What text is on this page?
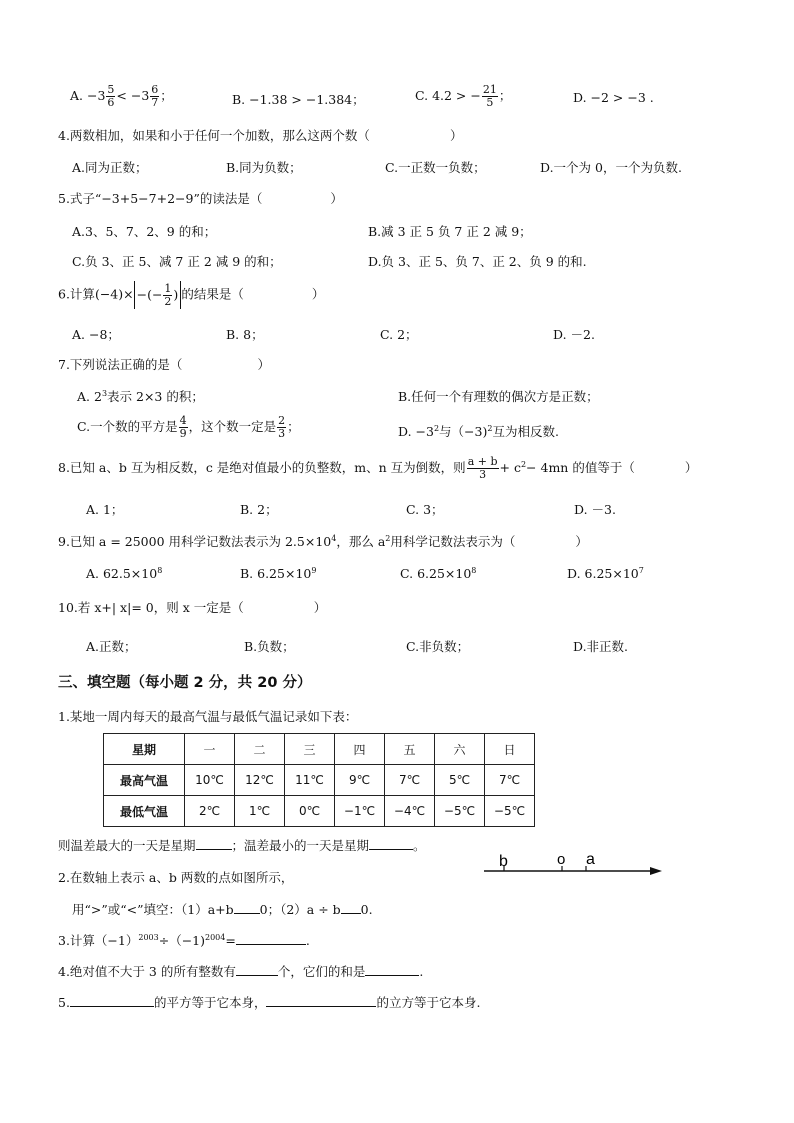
A. $-3 \frac{5}{6} < -3 \frac{6}{7}$ ；	B. −1.38 > −1.384；	C. 4.2 > − $\frac{21}{5}$ ；	D. −2 > −3 .
4.两数相加，如果和小于任何一个加数，那么这两个数（	）
A.同为正数；	B.同为负数；	C.一正数一负数；	D.一个为 0，一个为负数.
5.式子“−3+5−7+2−9”的读法是（	）
A.3、5、7、2、9 的和；	B.减 3 正 5 负 7 正 2 减 9；
C.负 3、正 5、减 7 正 2 减 9 的和；	D.负 3、正 5、负 7、正 2、负 9 的和.
6.计算(−4)× −(− $\frac{1}{2}$ ) 的结果是（	）
A. −8；	B. 8；	C. 2；	D. －2.
7.下列说法正确的是（	）
A. $2^3$表示 2×3 的积；	B.任何一个有理数的偶次方是正数；
C.一个数的平方是 $\frac{4}{9}$ ，这个数一定是 $\frac{2}{3}$ ；	D. $-3^2$与（−3)$^2$互为相反数.
8.已知 a、b 互为相反数，c 是绝对值最小的负整数，m、n 互为倒数，则 $\frac{a + b}{3} + c^2- 4mn$ 的值等于（	）
A. 1；	B. 2；	C. 3；	D. －3.
9.已知 a = 25000 用科学记数法表示为 $2.5\times 10^4$，那么 $a^2$用科学记数法表示为（	）
A. $62.5\times 10^8$	B. $6.25\times 10^9$	C. $6.25\times 10^8$	D. $6.25\times 10^7$
10.若 x+| x|= 0，则 x 一定是（	）
A.正数；	B.负数；	C.非负数；	D.非正数.
三、填空题（每小题 2 分，共 20 分）
1.某地一周内每天的最高气温与最低气温记录如下表：
星期	一	二	三	四	五	六	日
最高气温	10℃	12℃	11℃	9℃	7℃	5℃	7℃
最低气温	2℃	1℃	0℃	−1℃	−4℃	−5℃	−5℃
则温差最大的一天是星期	；温差最小的一天是星期	。
b	o a
2.在数轴上表示 a、b 两数的点如图所示，
用“>”或“<”填空：（1）a+b 0；（2）a ÷ b 0.
3.计算$(-1)^{2003}\div(-1)^{2004}=$	.
4.绝对值不大于 3 的所有整数有	个，它们的和是	.
5.	的平方等于它本身，	的立方等于它本身.
